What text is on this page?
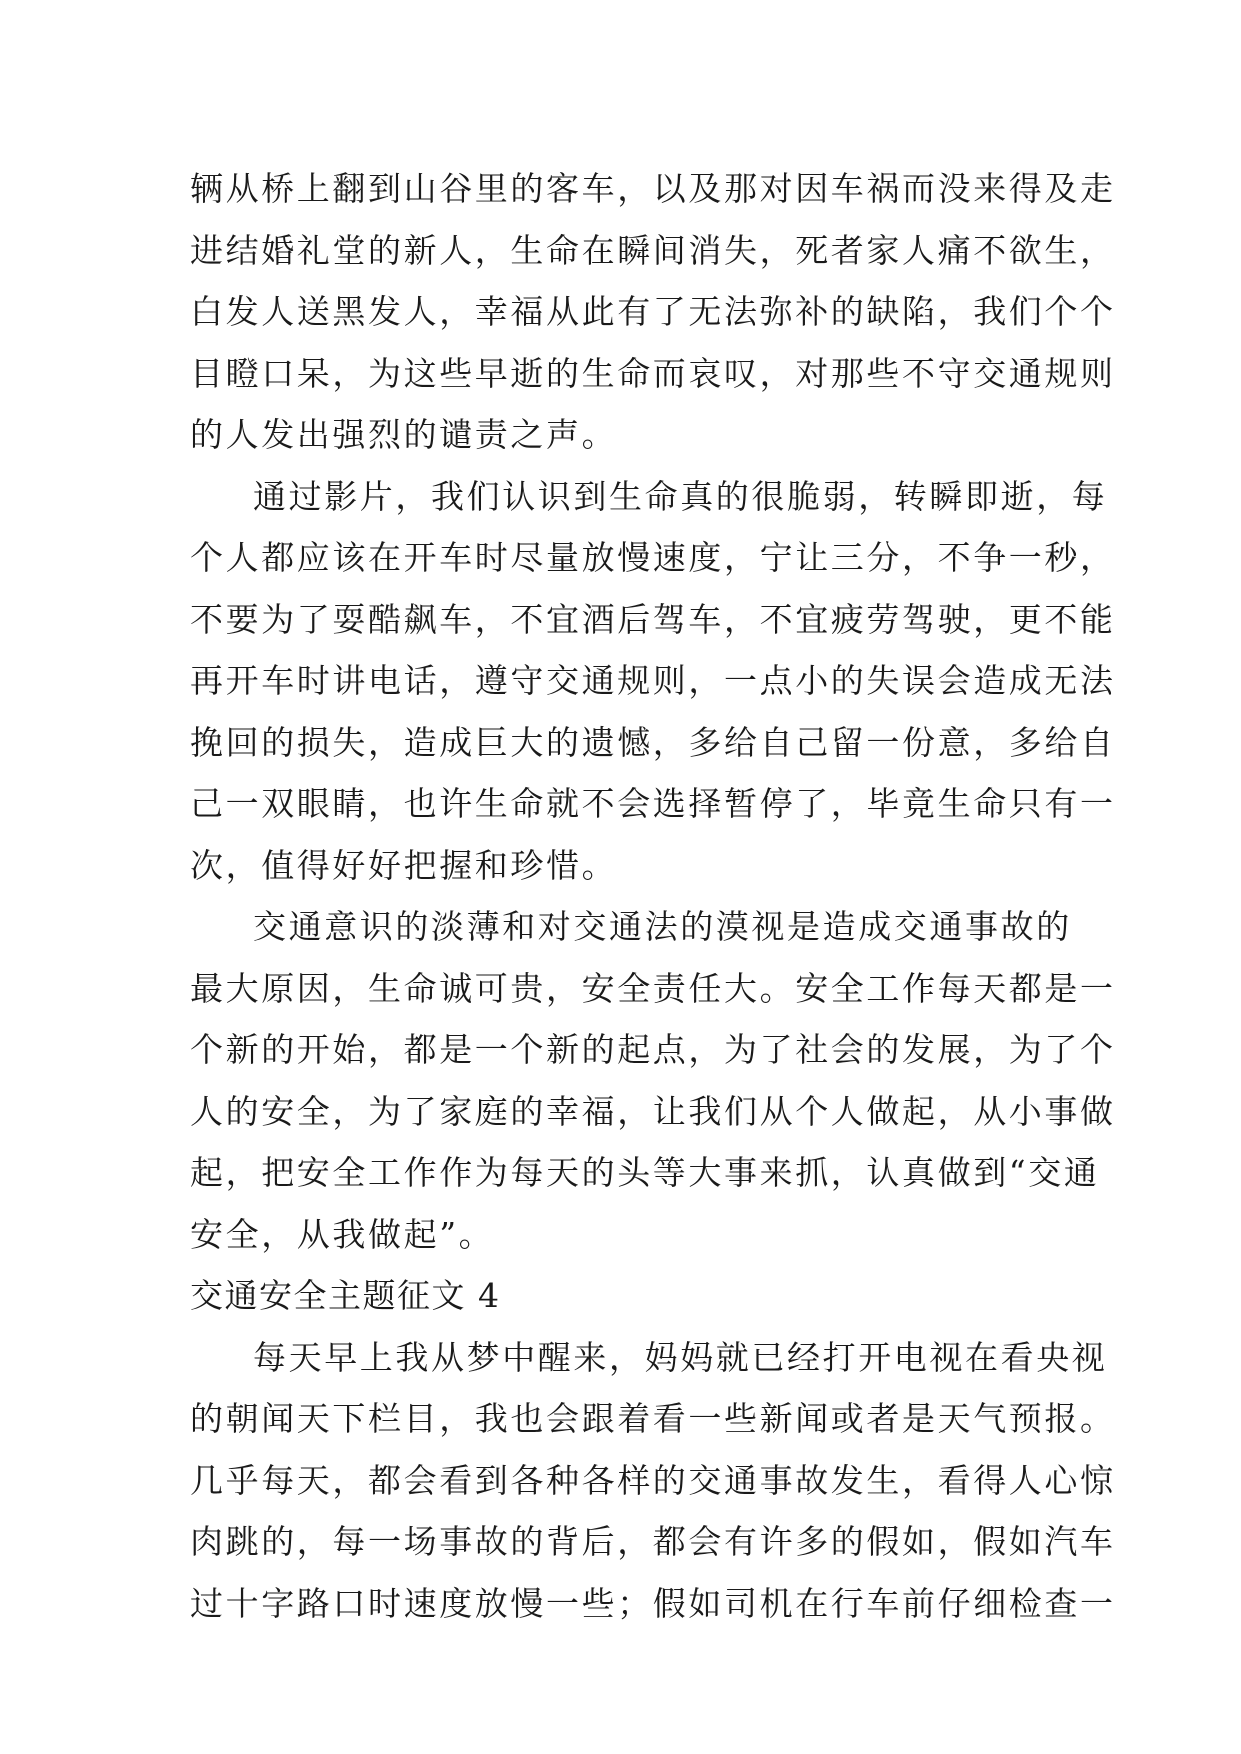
辆从桥上翻到山谷里的客车，以及那对因车祸而没来得及走
进结婚礼堂的新人，生命在瞬间消失，死者家人痛不欲生，
白发人送黑发人，幸福从此有了无法弥补的缺陷，我们个个
目瞪口呆，为这些早逝的生命而哀叹，对那些不守交通规则
的人发出强烈的谴责之声。
通过影片，我们认识到生命真的很脆弱，转瞬即逝，每
个人都应该在开车时尽量放慢速度，宁让三分，不争一秒，
不要为了耍酷飙车，不宜酒后驾车，不宜疲劳驾驶，更不能
再开车时讲电话，遵守交通规则，一点小的失误会造成无法
挽回的损失，造成巨大的遗憾，多给自己留一份意，多给自
己一双眼睛，也许生命就不会选择暂停了，毕竟生命只有一
次，值得好好把握和珍惜。
交通意识的淡薄和对交通法的漠视是造成交通事故的
最大原因，生命诚可贵，安全责任大。安全工作每天都是一
个新的开始，都是一个新的起点，为了社会的发展，为了个
人的安全，为了家庭的幸福，让我们从个人做起，从小事做
起，把安全工作作为每天的头等大事来抓，认真做到“交通
安全，从我做起”。
交通安全主题征文 4
每天早上我从梦中醒来，妈妈就已经打开电视在看央视
的朝闻天下栏目，我也会跟着看一些新闻或者是天气预报。
几乎每天，都会看到各种各样的交通事故发生，看得人心惊
肉跳的，每一场事故的背后，都会有许多的假如，假如汽车
过十字路口时速度放慢一些；假如司机在行车前仔细检查一
